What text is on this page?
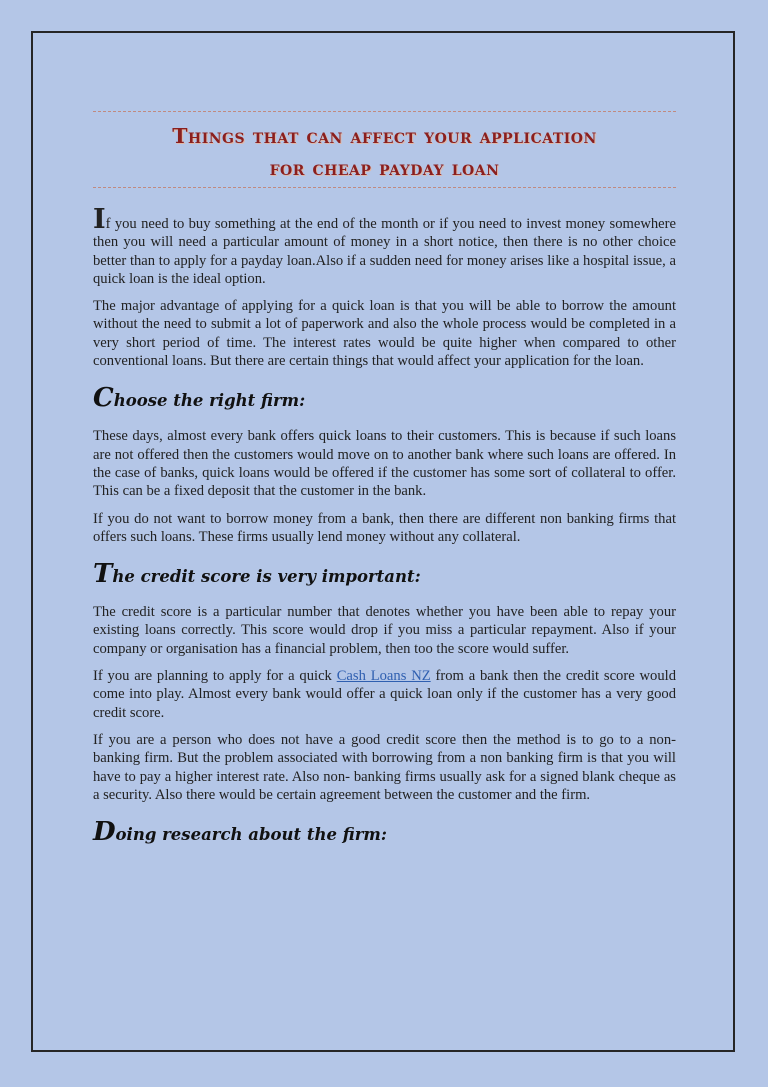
Things that can affect your application
for cheap payday loan

If you need to buy something at the end of the month or if you need to invest money somewhere then you will need a particular amount of money in a short notice, then there is no other choice better than to apply for a payday loan.Also if a sudden need for money arises like a hospital issue, a quick loan is the ideal option.

The major advantage of applying for a quick loan is that you will be able to borrow the amount without the need to submit a lot of paperwork and also the whole process would be completed in a very short period of time. The interest rates would be quite higher when compared to other conventional loans. But there are certain things that would affect your application for the loan.

Choose the right firm:

These days, almost every bank offers quick loans to their customers. This is because if such loans are not offered then the customers would move on to another bank where such loans are offered. In the case of banks, quick loans would be offered if the customer has some sort of collateral to offer. This can be a fixed deposit that the customer in the bank.

If you do not want to borrow money from a bank, then there are different non banking firms that offers such loans. These firms usually lend money without any collateral.

The credit score is very important:

The credit score is a particular number that denotes whether you have been able to repay your existing loans correctly. This score would drop if you miss a particular repayment. Also if your company or organisation has a financial problem, then too the score would suffer.

If you are planning to apply for a quick Cash Loans NZ from a bank then the credit score would come into play. Almost every bank would offer a quick loan only if the customer has a very good credit score.

If you are a person who does not have a good credit score then the method is to go to a non- banking firm. But the problem associated with borrowing from a non banking firm is that you will have to pay a higher interest rate. Also non- banking firms usually ask for a signed blank cheque as a security. Also there would be certain agreement between the customer and the firm.

Doing research about the firm:
